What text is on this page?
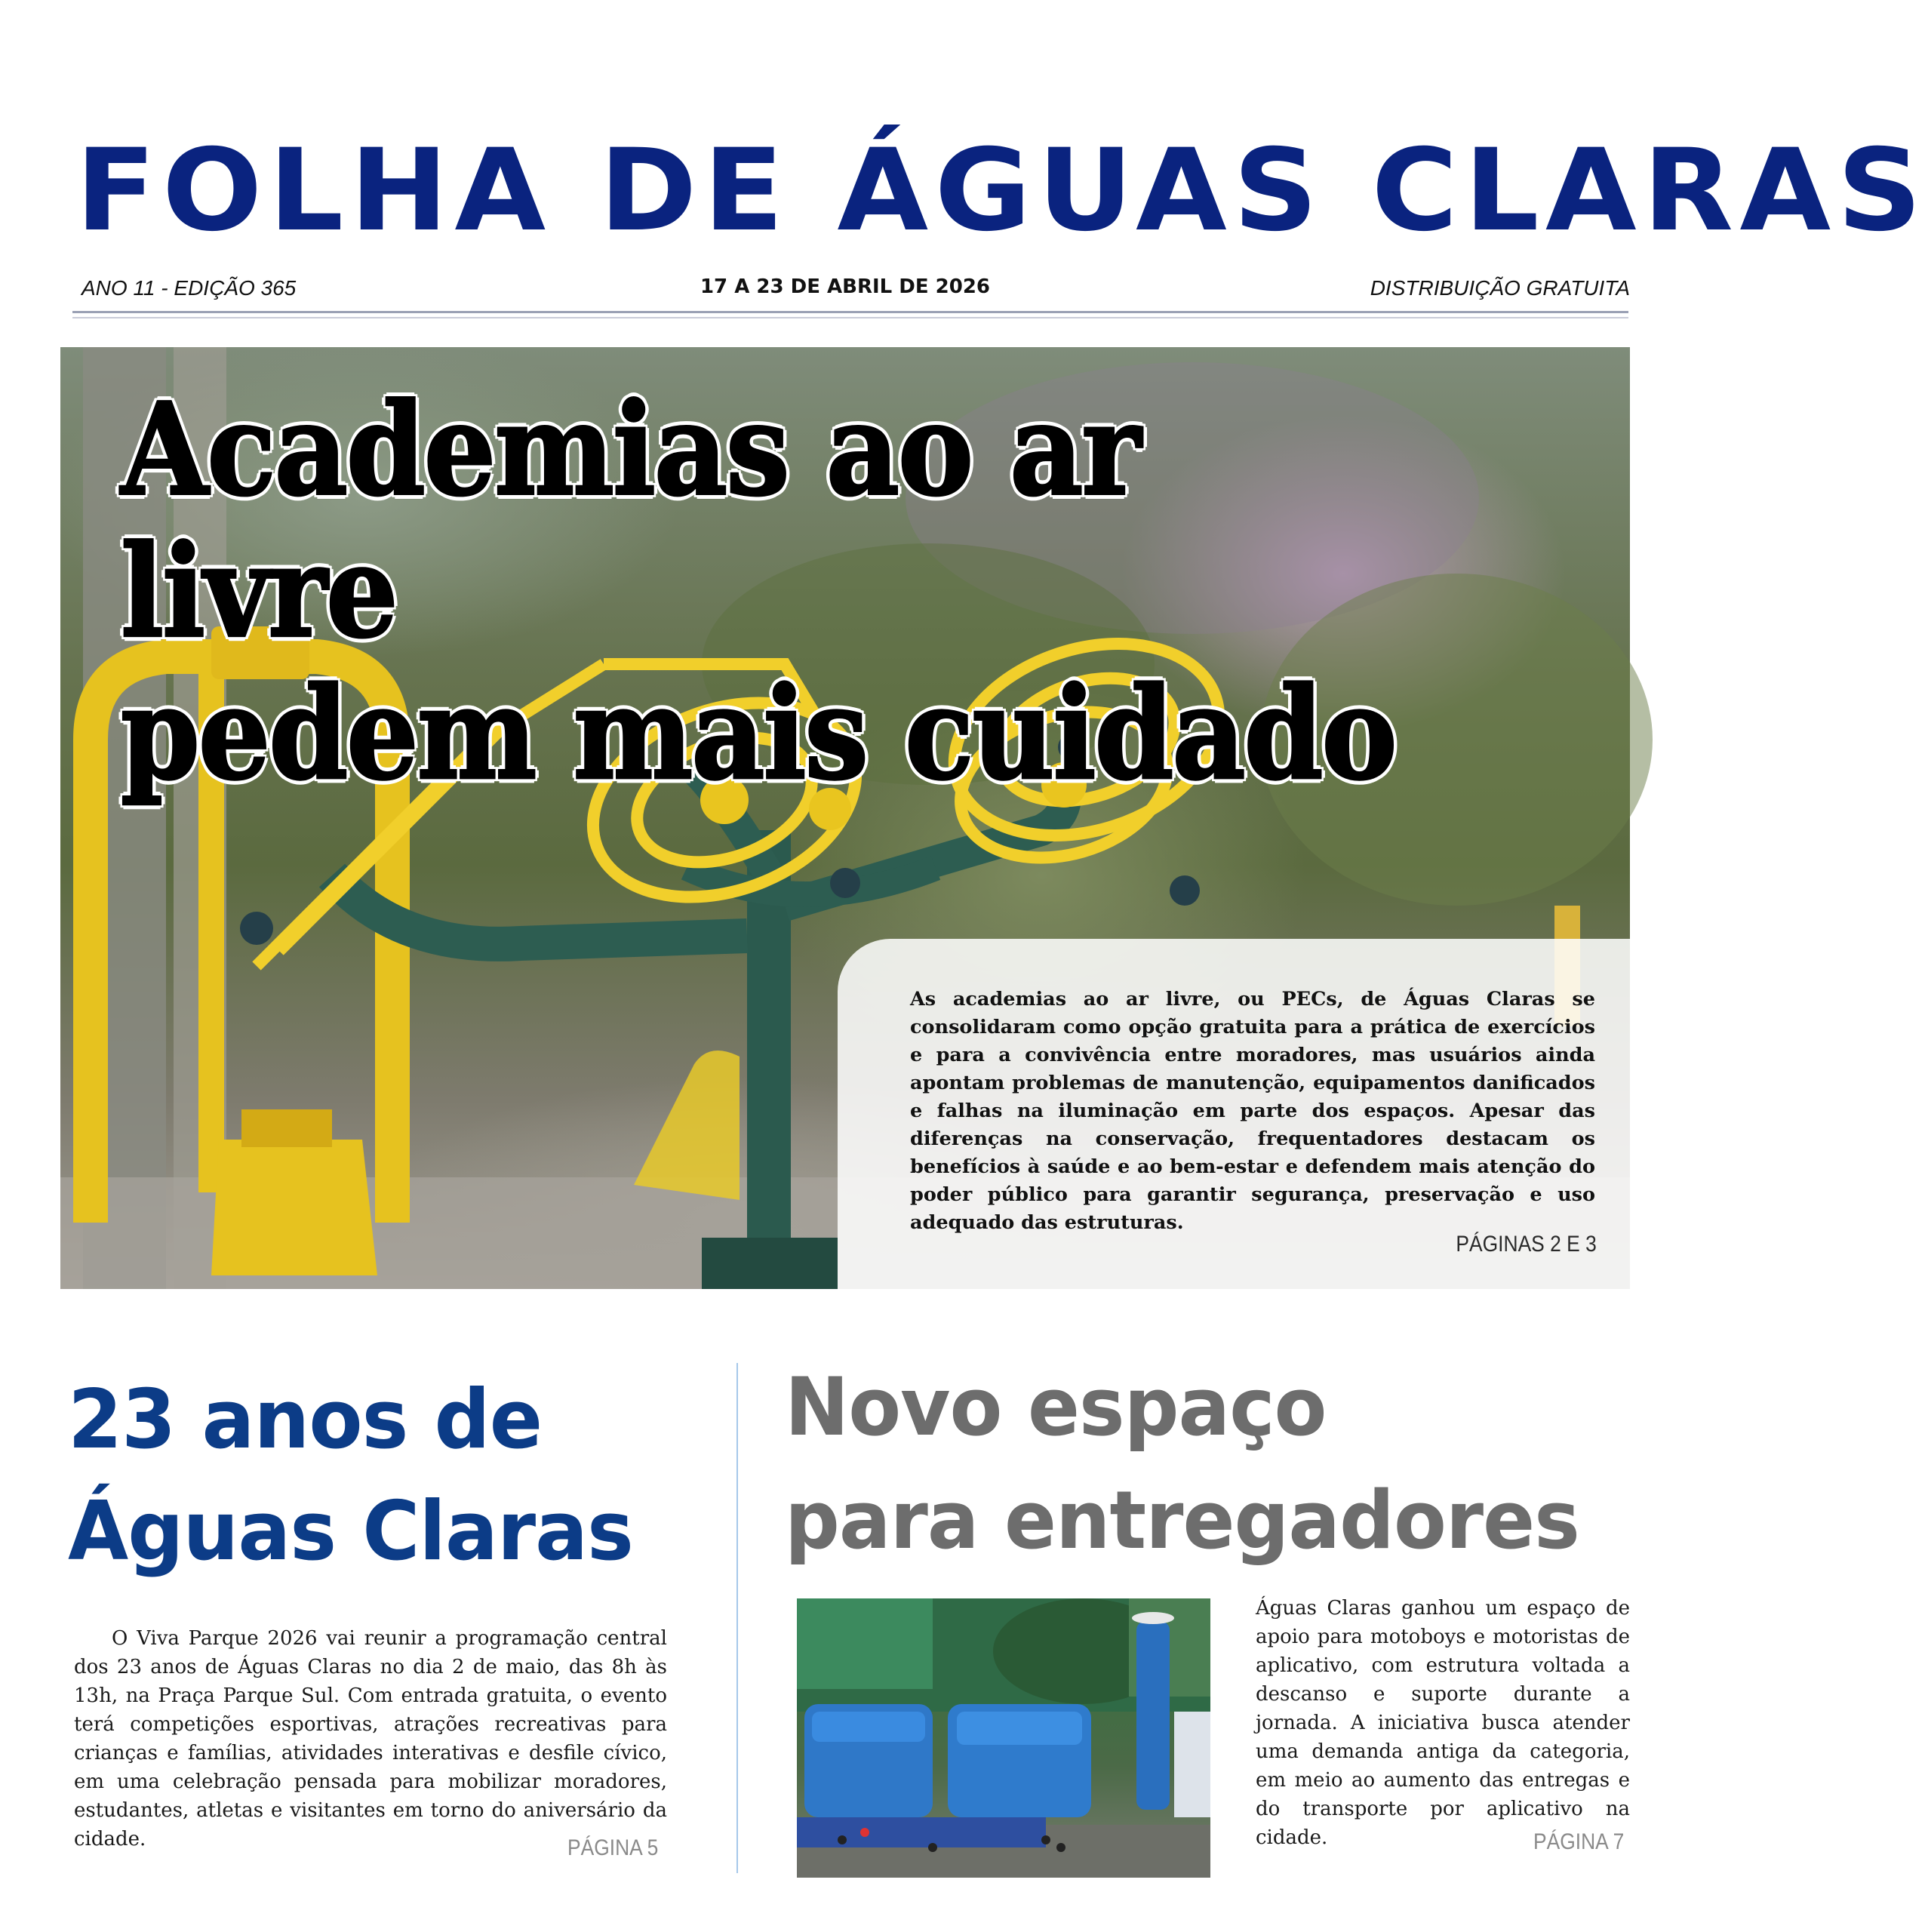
FOLHA DE ÁGUAS CLARAS
ANO 11 - EDIÇÃO 365	17 A 23 DE ABRIL DE 2026	DISTRIBUIÇÃO GRATUITA
Academias ao ar livre
pedem mais cuidado

As academias ao ar livre, ou PECs, de Águas Claras se consolidaram como opção gratuita para a prática de exercícios e para a convivência entre moradores, mas usuários ainda apontam problemas de manutenção, equipamentos danificados e falhas na iluminação em parte dos espaços. Apesar das diferenças na conservação, frequentadores destacam os benefícios à saúde e ao bem-estar e defendem mais atenção do poder público para garantir segurança, preservação e uso adequado das estruturas.

PÁGINAS 2 E 3
23 anos de
Águas Claras
O Viva Parque 2026 vai reunir a programação central dos 23 anos de Águas Claras no dia 2 de maio, das 8h às 13h, na Praça Parque Sul. Com entrada gratuita, o evento terá competições esportivas, atrações recreativas para crianças e famílias, atividades interativas e desfile cívico, em uma celebração pensada para mobilizar moradores, estudantes, atletas e visitantes em torno do aniversário da cidade.	PÁGINA 5
Novo espaço
para entregadores
Águas Claras ganhou um espaço de apoio para motoboys e motoristas de aplicativo, com estrutura voltada a descanso e suporte durante a jornada. A iniciativa busca atender uma demanda antiga da categoria, em meio ao aumento das entregas e do transporte por aplicativo na cidade.	PÁGINA 7
